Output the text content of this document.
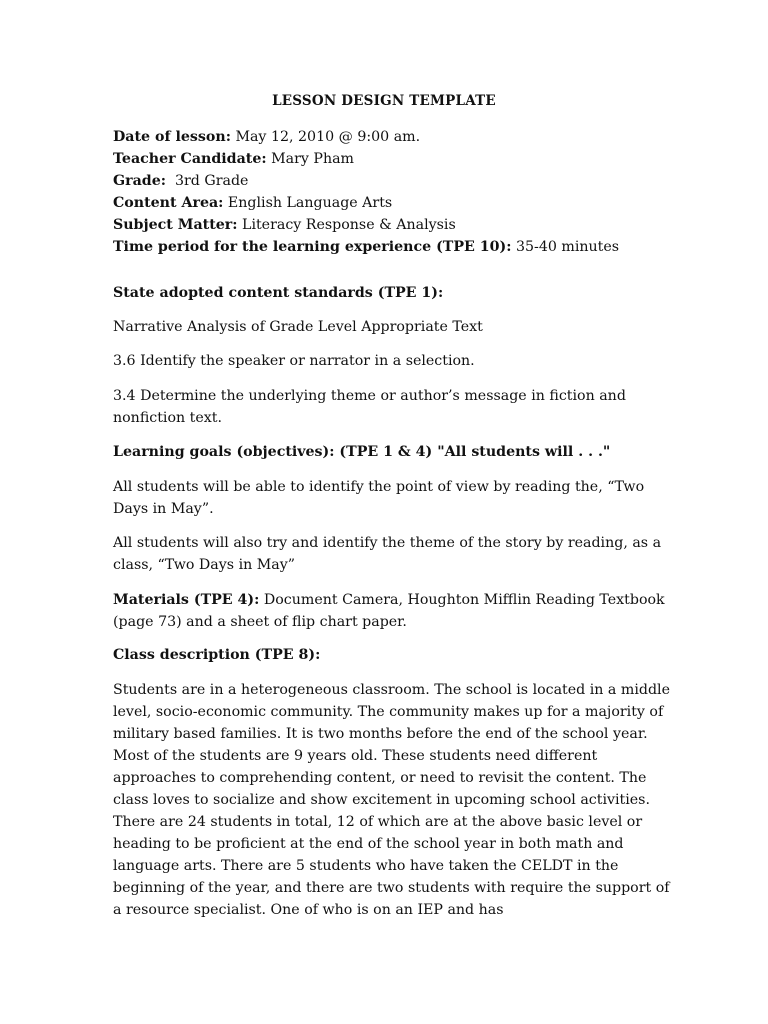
LESSON DESIGN TEMPLATE
Date of lesson: May 12, 2010 @ 9:00 am.
Teacher Candidate: Mary Pham
Grade:  3rd Grade
Content Area: English Language Arts
Subject Matter: Literacy Response & Analysis
Time period for the learning experience (TPE 10): 35-40 minutes
State adopted content standards (TPE 1):
Narrative Analysis of Grade Level Appropriate Text
3.6 Identify the speaker or narrator in a selection.
3.4 Determine the underlying theme or author’s message in fiction and nonfiction text.
Learning goals (objectives): (TPE 1 & 4) "All students will . . ."
All students will be able to identify the point of view by reading the, “Two Days in May”.
All students will also try and identify the theme of the story by reading, as a class, “Two Days in May”
Materials (TPE 4): Document Camera, Houghton Mifflin Reading Textbook (page 73) and a sheet of flip chart paper.
Class description (TPE 8):
Students are in a heterogeneous classroom. The school is located in a middle level, socio-economic community. The community makes up for a majority of military based families. It is two months before the end of the school year. Most of the students are 9 years old. These students need different approaches to comprehending content, or need to revisit the content. The class loves to socialize and show excitement in upcoming school activities. There are 24 students in total, 12 of which are at the above basic level or heading to be proficient at the end of the school year in both math and language arts. There are 5 students who have taken the CELDT in the beginning of the year, and there are two students with require the support of a resource specialist. One of who is on an IEP and has
